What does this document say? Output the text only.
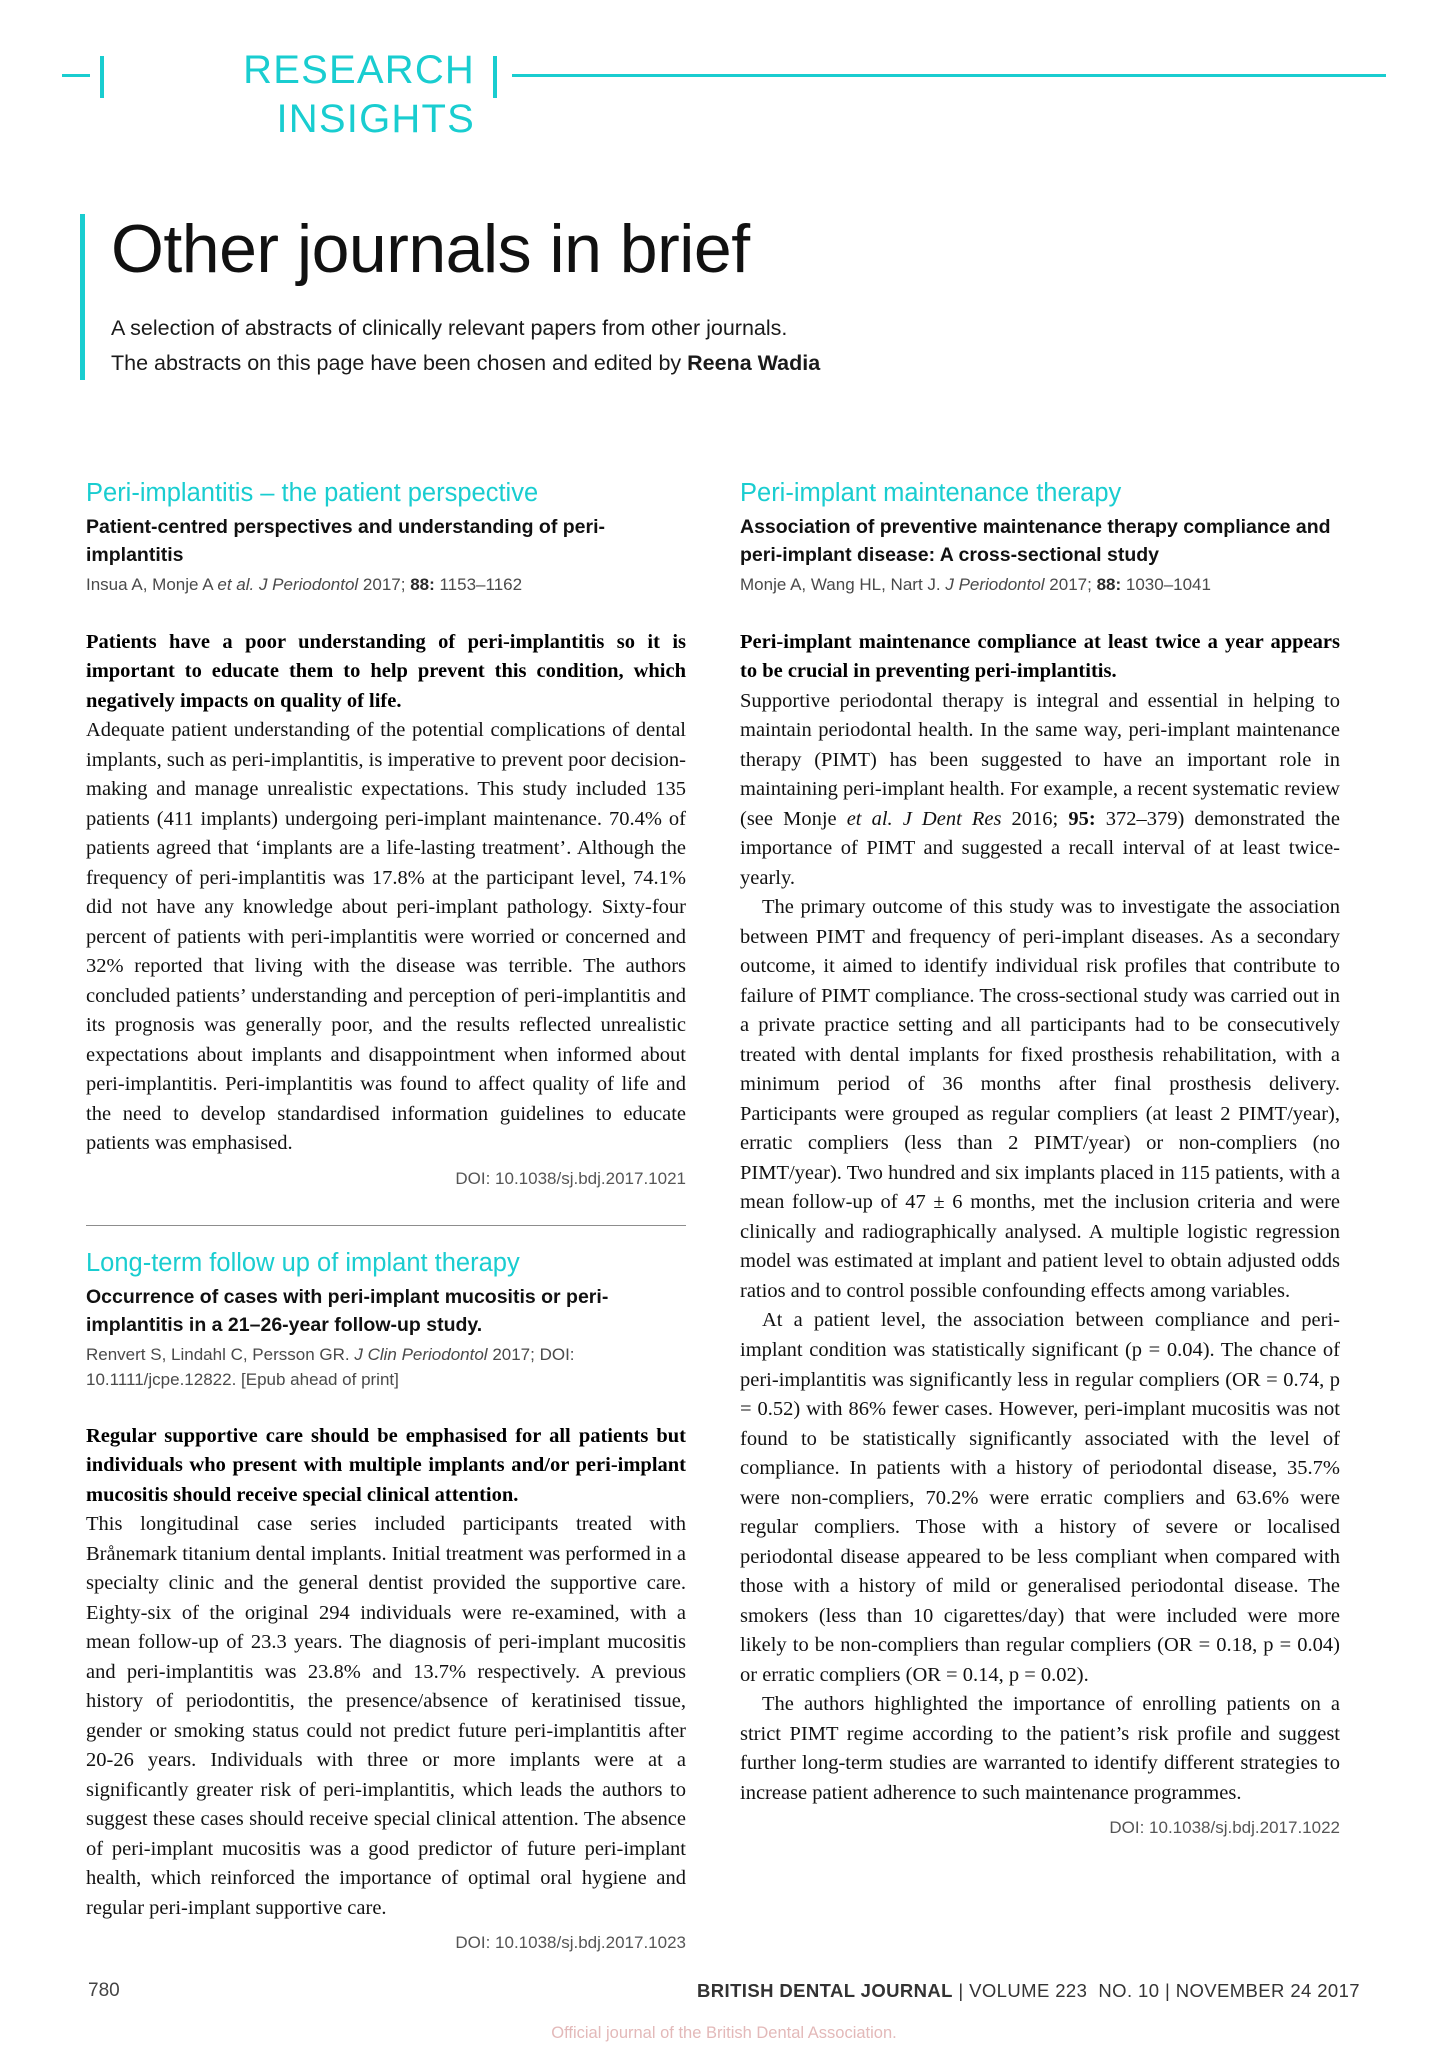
RESEARCH
INSIGHTS
Other journals in brief

A selection of abstracts of clinically relevant papers from other journals.
The abstracts on this page have been chosen and edited by Reena Wadia

Peri-implantitis – the patient perspective

Patient-centred perspectives and understanding of peri-implantitis

Insua A, Monje A et al. J Periodontol 2017; 88: 1153–1162

Patients have a poor understanding of peri-implantitis so it is important to educate them to help prevent this condition, which negatively impacts on quality of life.

Adequate patient understanding of the potential complications of dental implants, such as peri-implantitis, is imperative to prevent poor decision-making and manage unrealistic expectations. This study included 135 patients (411 implants) undergoing peri-implant maintenance. 70.4% of patients agreed that ‘implants are a life-lasting treatment’. Although the frequency of peri-implantitis was 17.8% at the participant level, 74.1% did not have any knowledge about peri-implant pathology. Sixty-four percent of patients with peri-implantitis were worried or concerned and 32% reported that living with the disease was terrible. The authors concluded patients’ understanding and perception of peri-implantitis and its prognosis was generally poor, and the results reflected unrealistic expectations about implants and disappointment when informed about peri-implantitis. Peri-implantitis was found to affect quality of life and the need to develop standardised information guidelines to educate patients was emphasised.

DOI: 10.1038/sj.bdj.2017.1021

Long-term follow up of implant therapy

Occurrence of cases with peri-implant mucositis or peri-implantitis in a 21–26-year follow-up study.

Renvert S, Lindahl C, Persson GR. J Clin Periodontol 2017; DOI: 10.1111/jcpe.12822. [Epub ahead of print]

Regular supportive care should be emphasised for all patients but individuals who present with multiple implants and/or peri-implant mucositis should receive special clinical attention.

This longitudinal case series included participants treated with Brånemark titanium dental implants. Initial treatment was performed in a specialty clinic and the general dentist provided the supportive care. Eighty-six of the original 294 individuals were re-examined, with a mean follow-up of 23.3 years. The diagnosis of peri-implant mucositis and peri-implantitis was 23.8% and 13.7% respectively. A previous history of periodontitis, the presence/absence of keratinised tissue, gender or smoking status could not predict future peri-implantitis after 20-26 years. Individuals with three or more implants were at a significantly greater risk of peri-implantitis, which leads the authors to suggest these cases should receive special clinical attention. The absence of peri-implant mucositis was a good predictor of future peri-implant health, which reinforced the importance of optimal oral hygiene and regular peri-implant supportive care.

DOI: 10.1038/sj.bdj.2017.1023

Peri-implant maintenance therapy

Association of preventive maintenance therapy compliance and peri-implant disease: A cross-sectional study

Monje A, Wang HL, Nart J. J Periodontol 2017; 88: 1030–1041

Peri-implant maintenance compliance at least twice a year appears to be crucial in preventing peri-implantitis.

Supportive periodontal therapy is integral and essential in helping to maintain periodontal health. In the same way, peri-implant maintenance therapy (PIMT) has been suggested to have an important role in maintaining peri-implant health. For example, a recent systematic review (see Monje et al. J Dent Res 2016; 95: 372–379) demonstrated the importance of PIMT and suggested a recall interval of at least twice-yearly.

The primary outcome of this study was to investigate the association between PIMT and frequency of peri-implant diseases. As a secondary outcome, it aimed to identify individual risk profiles that contribute to failure of PIMT compliance. The cross-sectional study was carried out in a private practice setting and all participants had to be consecutively treated with dental implants for fixed prosthesis rehabilitation, with a minimum period of 36 months after final prosthesis delivery. Participants were grouped as regular compliers (at least 2 PIMT/year), erratic compliers (less than 2 PIMT/year) or non-compliers (no PIMT/year). Two hundred and six implants placed in 115 patients, with a mean follow-up of 47 ± 6 months, met the inclusion criteria and were clinically and radiographically analysed. A multiple logistic regression model was estimated at implant and patient level to obtain adjusted odds ratios and to control possible confounding effects among variables.

At a patient level, the association between compliance and peri-implant condition was statistically significant (p = 0.04). The chance of peri-implantitis was significantly less in regular compliers (OR = 0.74, p = 0.52) with 86% fewer cases. However, peri-implant mucositis was not found to be statistically significantly associated with the level of compliance. In patients with a history of periodontal disease, 35.7% were non-compliers, 70.2% were erratic compliers and 63.6% were regular compliers. Those with a history of severe or localised periodontal disease appeared to be less compliant when compared with those with a history of mild or generalised periodontal disease. The smokers (less than 10 cigarettes/day) that were included were more likely to be non-compliers than regular compliers (OR = 0.18, p = 0.04) or erratic compliers (OR = 0.14, p = 0.02).

The authors highlighted the importance of enrolling patients on a strict PIMT regime according to the patient’s risk profile and suggest further long-term studies are warranted to identify different strategies to increase patient adherence to such maintenance programmes.

DOI: 10.1038/sj.bdj.2017.1022

780	BRITISH DENTAL JOURNAL | VOLUME 223 NO. 10 | NOVEMBER 24 2017
Official journal of the British Dental Association.
